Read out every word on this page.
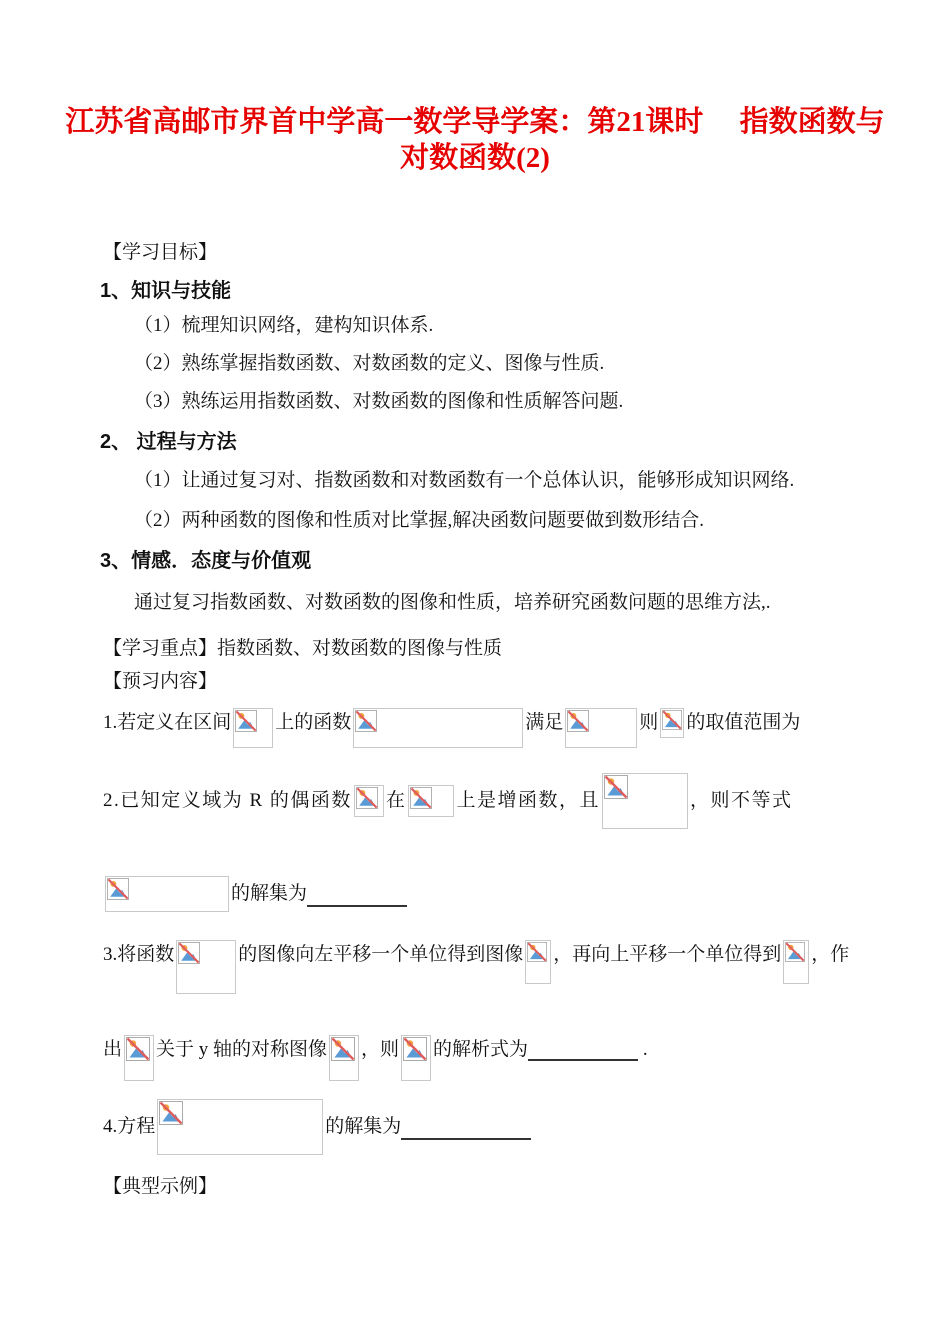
江苏省高邮市界首中学高一数学导学案：第21课时　 指数函数与
对数函数(2)
【学习目标】
1、知识与技能
（1）梳理知识网络，建构知识体系.
（2）熟练掌握指数函数、对数函数的定义、图像与性质.
（3）熟练运用指数函数、对数函数的图像和性质解答问题.
2、 过程与方法
（1）让通过复习对、指数函数和对数函数有一个总体认识，能够形成知识网络.
（2）两种函数的图像和性质对比掌握,解决函数问题要做到数形结合.
3、情感．态度与价值观
通过复习指数函数、对数函数的图像和性质，培养研究函数问题的思维方法,.
【学习重点】指数函数、对数函数的图像与性质
【预习内容】
1.若定义在区间 上的函数	满足	则 的取值范围为
2.已知定义域为 R 的偶函数 在	上是增函数，且	，则不等式
的解集为
3.将函数	的图像向左平移一个单位得到图像 ，再向上平移一个单位得到 ，作
出 关于 y 轴的对称图像 ，则 的解析式为	.
4.方程	的解集为
【典型示例】
